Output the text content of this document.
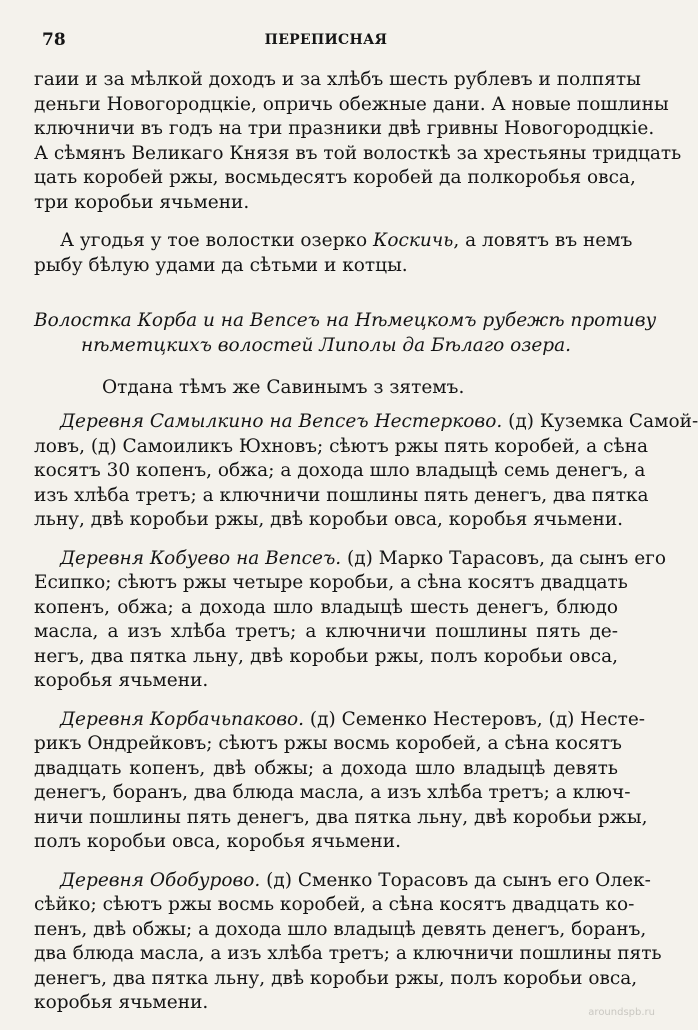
78	ПЕРЕПИСНАЯ
гаии и за мѣлкой доходъ и за хлѣбъ шесть рублевъ и полпяты
деньги Новогородцкіе, опричь обежные дани. А новые пошлины
ключничи въ годъ на три празники двѣ гривны Новогородцкіе.
А сѣмянъ Великаго Князя въ той волосткѣ за хрестьяны тридцать
цать коробей ржы, восмьдесятъ коробей да полкоробья овса,
три коробьи ячьмени.
А угодья у тое волостки озерко Коскичь, а ловятъ въ немъ
рыбу бѣлую удами да сѣтьми и котцы.
Волостка Корба и на Вепсеъ на Нѣмецкомъ рубежѣ противу
нѣметцкихъ волостей Липолы да Бѣлаго озера.
Отдана тѣмъ же Савинымъ з зятемъ.
Деревня Самылкино на Вепсеъ Нестерково. (д) Куземка Самой-
ловъ, (д) Самоиликъ Юхновъ; сѣютъ ржы пять коробей, а сѣна
косятъ 30 копенъ, обжа; а дохода шло владыцѣ семь денегъ, а
изъ хлѣба третъ; а ключничи пошлины пять денегъ, два пятка
льну, двѣ коробьи ржы, двѣ коробьи овса, коробья ячьмени.
Деревня Кобуево на Вепсеъ. (д) Марко Тарасовъ, да сынъ его
Есипко; сѣютъ ржы четыре коробьи, а сѣна косятъ двадцать
копенъ, обжа; а дохода шло владыцѣ шесть денегъ, блюдо
масла, а изъ хлѣба третъ; а ключничи пошлины пять де-
негъ, два пятка льну, двѣ коробьи ржы, полъ коробьи овса,
коробья ячьмени.
Деревня Корбачьпаково. (д) Семенко Нестеровъ, (д) Несте-
рикъ Ондрейковъ; сѣютъ ржы восмь коробей, а сѣна косятъ
двадцать копенъ, двѣ обжы; а дохода шло владыцѣ девять
денегъ, боранъ, два блюда масла, а изъ хлѣба третъ; а ключ-
ничи пошлины пять денегъ, два пятка льну, двѣ коробьи ржы,
полъ коробьи овса, коробья ячьмени.
Деревня Обобурово. (д) Сменко Торасовъ да сынъ его Олек-
сѣйко; сѣютъ ржы восмь коробей, а сѣна косятъ двадцать ко-
пенъ, двѣ обжы; а дохода шло владыцѣ девять денегъ, боранъ,
два блюда масла, а изъ хлѣба третъ; а ключничи пошлины пять
денегъ, два пятка льну, двѣ коробьи ржы, полъ коробьи овса,
коробья ячьмени.	aroundspb.ru
